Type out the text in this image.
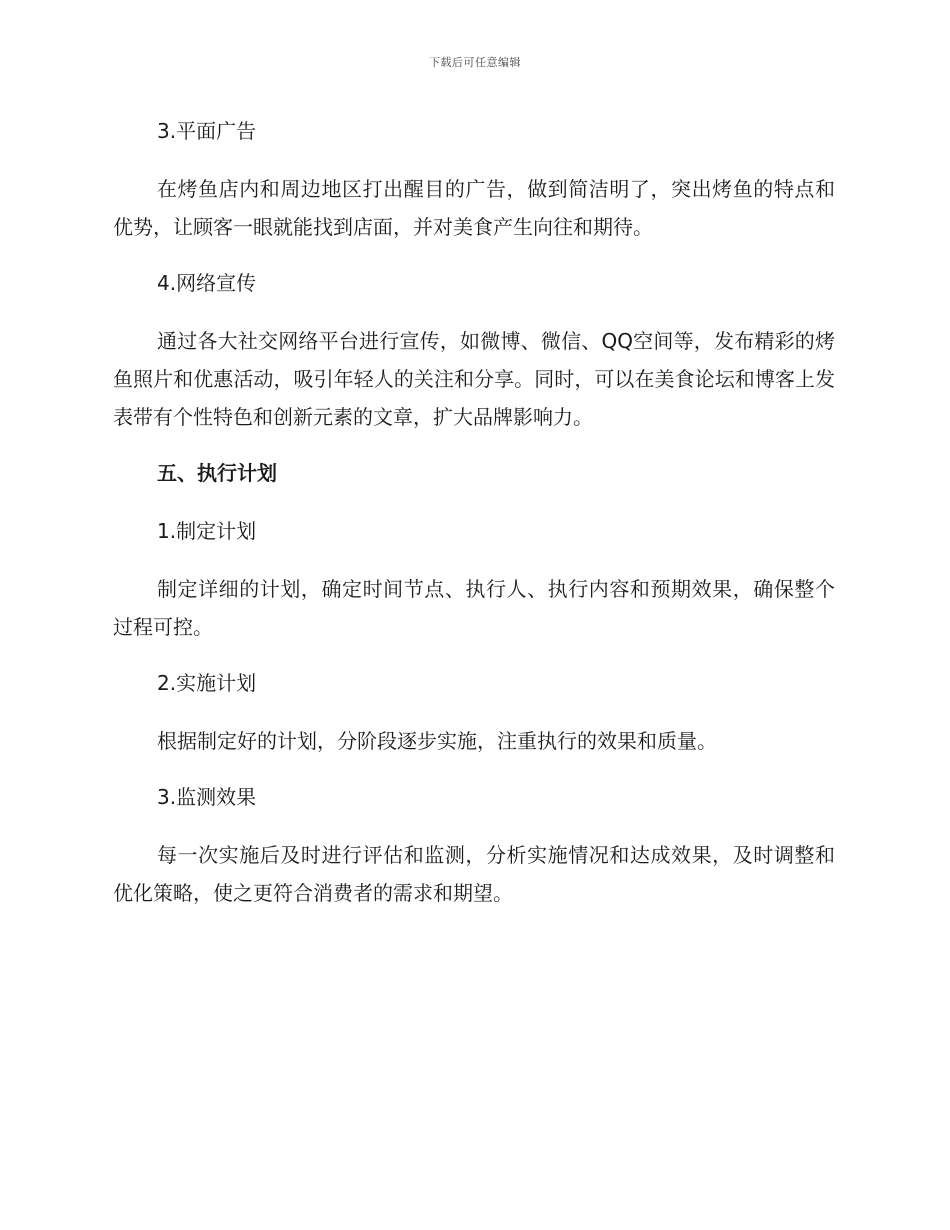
下载后可任意编辑

3.平面广告

在烤鱼店内和周边地区打出醒目的广告，做到简洁明了，突出烤鱼的特点和优势，让顾客一眼就能找到店面，并对美食产生向往和期待。

4.网络宣传

通过各大社交网络平台进行宣传，如微博、微信、QQ空间等，发布精彩的烤鱼照片和优惠活动，吸引年轻人的关注和分享。同时，可以在美食论坛和博客上发表带有个性特色和创新元素的文章，扩大品牌影响力。

五、执行计划

1.制定计划

制定详细的计划，确定时间节点、执行人、执行内容和预期效果，确保整个过程可控。

2.实施计划

根据制定好的计划，分阶段逐步实施，注重执行的效果和质量。

3.监测效果

每一次实施后及时进行评估和监测，分析实施情况和达成效果，及时调整和优化策略，使之更符合消费者的需求和期望。
